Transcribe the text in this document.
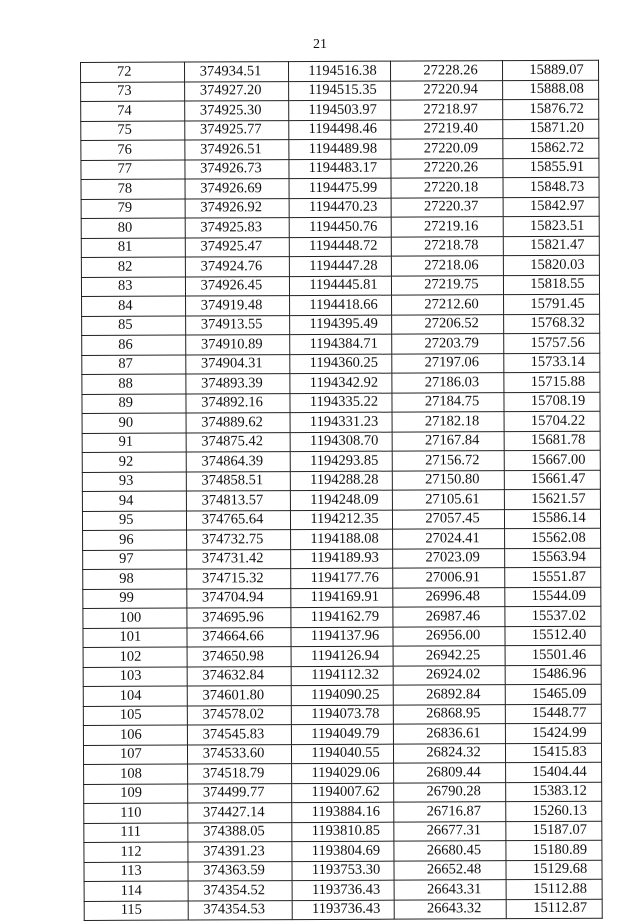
21
72	374934.51	1194516.38	27228.26	15889.07
73	374927.20	1194515.35	27220.94	15888.08
74	374925.30	1194503.97	27218.97	15876.72
75	374925.77	1194498.46	27219.40	15871.20
76	374926.51	1194489.98	27220.09	15862.72
77	374926.73	1194483.17	27220.26	15855.91
78	374926.69	1194475.99	27220.18	15848.73
79	374926.92	1194470.23	27220.37	15842.97
80	374925.83	1194450.76	27219.16	15823.51
81	374925.47	1194448.72	27218.78	15821.47
82	374924.76	1194447.28	27218.06	15820.03
83	374926.45	1194445.81	27219.75	15818.55
84	374919.48	1194418.66	27212.60	15791.45
85	374913.55	1194395.49	27206.52	15768.32
86	374910.89	1194384.71	27203.79	15757.56
87	374904.31	1194360.25	27197.06	15733.14
88	374893.39	1194342.92	27186.03	15715.88
89	374892.16	1194335.22	27184.75	15708.19
90	374889.62	1194331.23	27182.18	15704.22
91	374875.42	1194308.70	27167.84	15681.78
92	374864.39	1194293.85	27156.72	15667.00
93	374858.51	1194288.28	27150.80	15661.47
94	374813.57	1194248.09	27105.61	15621.57
95	374765.64	1194212.35	27057.45	15586.14
96	374732.75	1194188.08	27024.41	15562.08
97	374731.42	1194189.93	27023.09	15563.94
98	374715.32	1194177.76	27006.91	15551.87
99	374704.94	1194169.91	26996.48	15544.09
100	374695.96	1194162.79	26987.46	15537.02
101	374664.66	1194137.96	26956.00	15512.40
102	374650.98	1194126.94	26942.25	15501.46
103	374632.84	1194112.32	26924.02	15486.96
104	374601.80	1194090.25	26892.84	15465.09
105	374578.02	1194073.78	26868.95	15448.77
106	374545.83	1194049.79	26836.61	15424.99
107	374533.60	1194040.55	26824.32	15415.83
108	374518.79	1194029.06	26809.44	15404.44
109	374499.77	1194007.62	26790.28	15383.12
110	374427.14	1193884.16	26716.87	15260.13
111	374388.05	1193810.85	26677.31	15187.07
112	374391.23	1193804.69	26680.45	15180.89
113	374363.59	1193753.30	26652.48	15129.68
114	374354.52	1193736.43	26643.31	15112.88
115	374354.53	1193736.43	26643.32	15112.87
